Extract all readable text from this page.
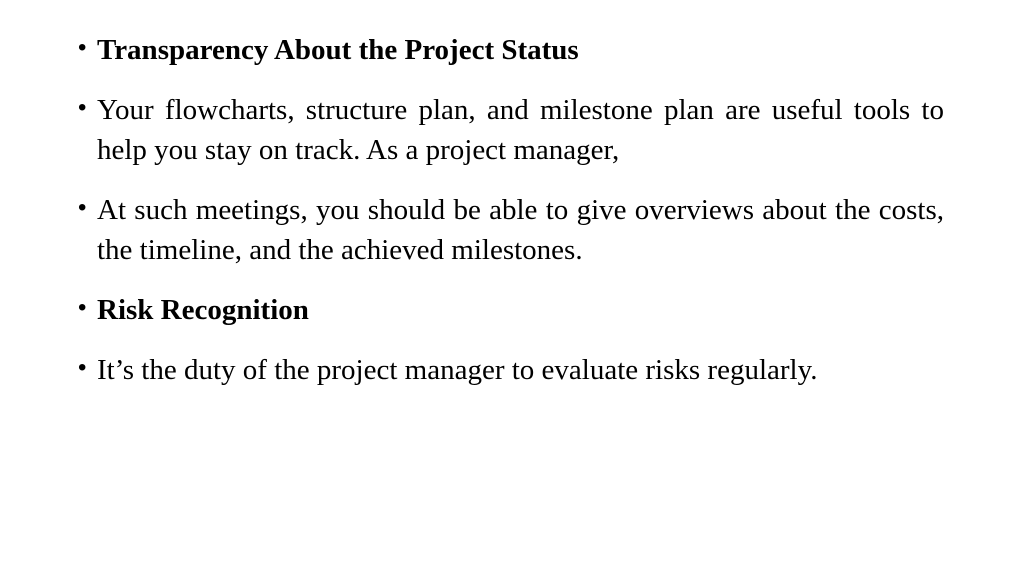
• Transparency About the Project Status
• Your flowcharts, structure plan, and milestone plan are useful tools to help you stay on track. As a project manager,
• At such meetings, you should be able to give overviews about the costs, the timeline, and the achieved milestones.
• Risk Recognition
• It’s the duty of the project manager to evaluate risks regularly.
